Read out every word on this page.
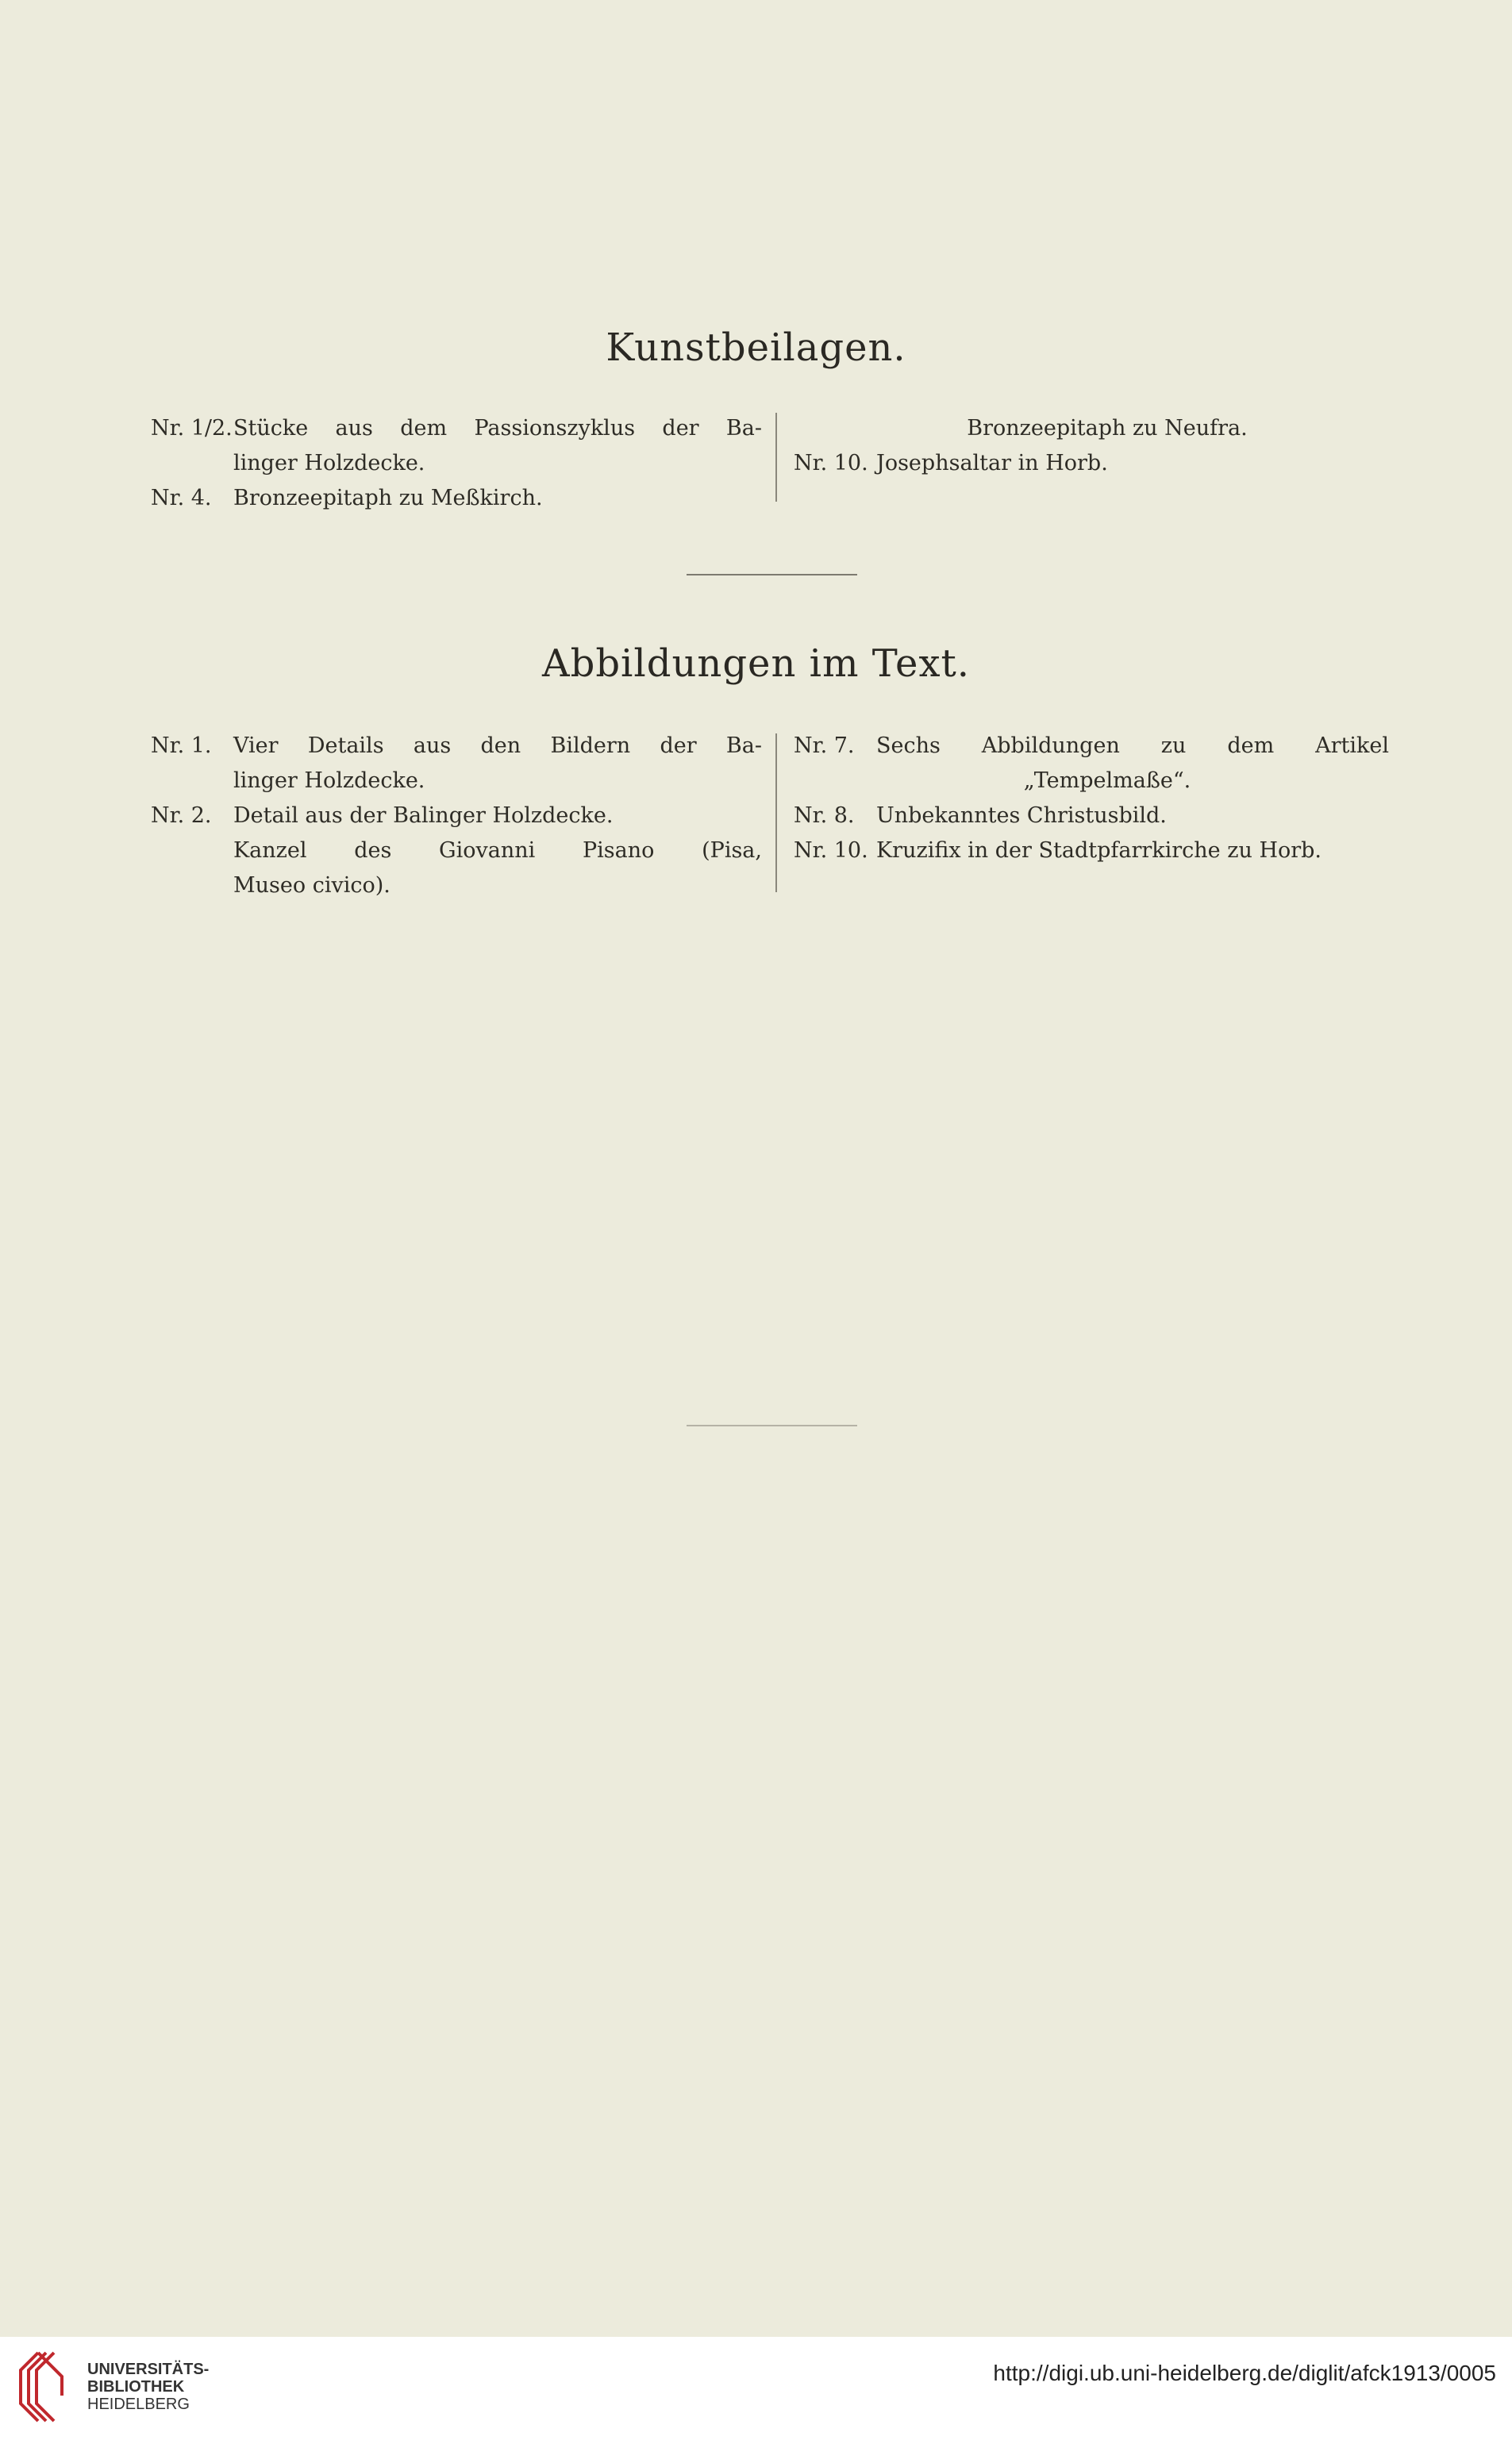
Kunstbeilagen.
Nr. 1/2. Stücke aus dem Passionszyklus der Ba-
linger Holzdecke.
Nr. 4.	Bronzeepitaph zu Meßkirch.
Bronzeepitaph zu Neufra.
Nr. 10. Josephsaltar in Horb.
Abbildungen im Text.
Nr. 1.	Vier Details aus den Bildern der Ba-
linger Holzdecke.
Nr. 2.	Detail aus der Balinger Holzdecke.
Kanzel des Giovanni Pisano (Pisa,
Museo civico).
Nr. 7.	Sechs Abbildungen zu dem Artikel
„Tempelmaße“.
Nr. 8.	Unbekanntes Christusbild.
Nr. 10. Kruzifix in der Stadtpfarrkirche zu Horb.
UNIVERSITÄTS-
BIBLIOTHEK
HEIDELBERG
http://digi.ub.uni-heidelberg.de/diglit/afck1913/0005
